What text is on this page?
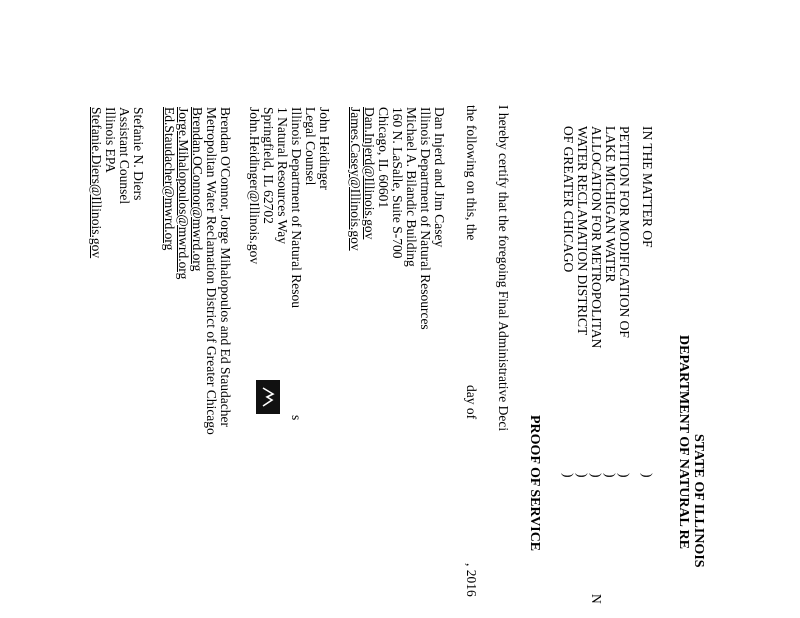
STATE OF ILLINOIS
DEPARTMENT OF NATURAL RE
IN THE MATTER OF
PETITION FOR MODIFICATION OF
LAKE MICHIGAN WATER
ALLOCATION FOR METROPOLITAN
WATER RECLAMATION DISTRICT
OF GREATER CHICAGO
)
)
)
)
)
)
N
PROOF OF SERVICE
I hereby certify that the foregoing Final Administrative Deci
the following on this, the
day of
, 2016
Dan Injerd and Jim Casey
Illinois Department of Natural Resources
Michael A. Bilandic Building
160 N. LaSalle, Suite S-700
Chicago, IL 60601
Dan.Injerd@Illinois.gov
James.Casey@Illinois.gov
John Heidinger
Legal Counsel
Illinois Department of Natural Resou
1 Natural Resources Way
Springfield, IL 62702
John.Heidinger@Illinois.gov
s
Brendan O'Connor, Jorge Mihalopoulos and Ed Staudacher
Metropolitan Water Reclamation District of Greater Chicago
Brendan.OConnor@mwrd.org
Jorge.Mihalopoulos@mwrd.org
Ed.Staudacher@mwrd.org
Stefanie N. Diers
Assistant Counsel
Illinois EPA
Stefanie.Diers@Illinois.gov
